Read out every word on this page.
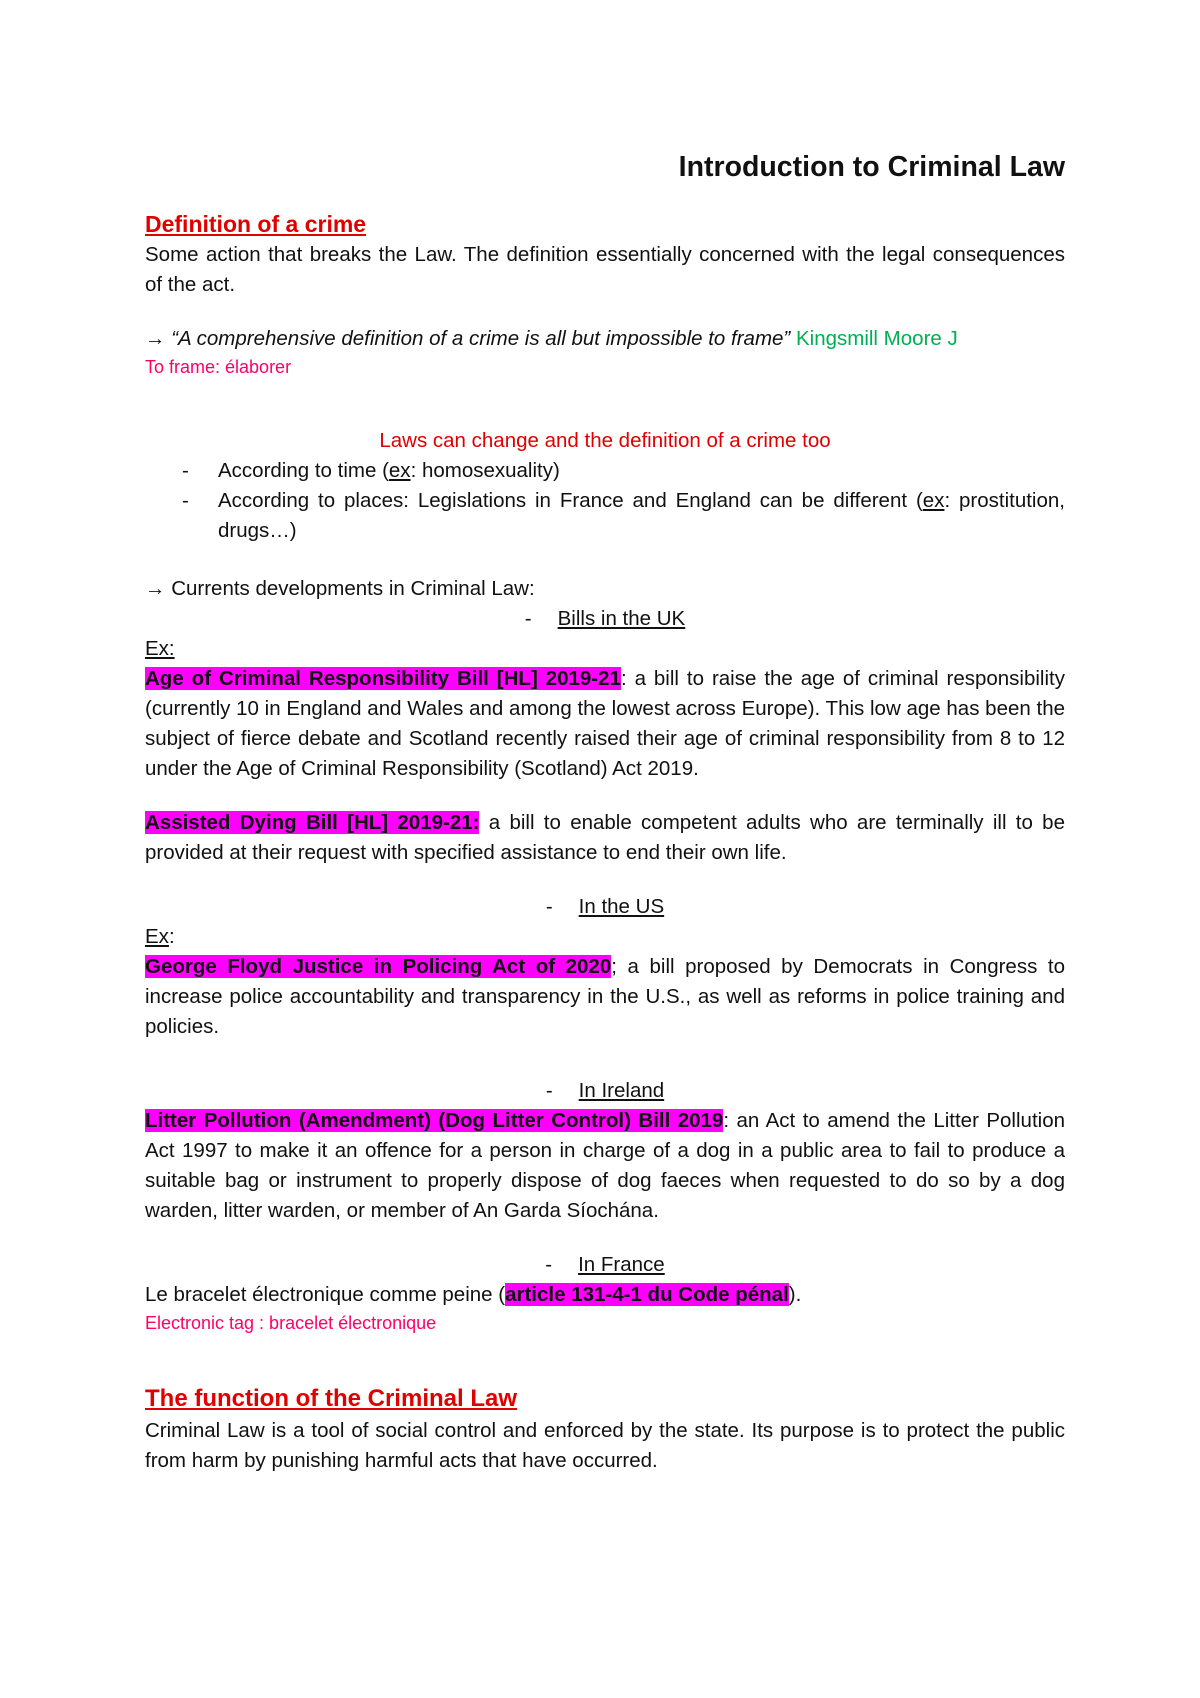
Introduction to Criminal Law
Definition of a crime

Some action that breaks the Law. The definition essentially concerned with the legal consequences of the act.

→ “A comprehensive definition of a crime is all but impossible to frame” Kingsmill Moore J

To frame: élaborer

Laws can change and the definition of a crime too

- According to time (ex: homosexuality)
- According to places: Legislations in France and England can be different (ex: prostitution, drugs…)

→ Currents developments in Criminal Law:

- Bills in the UK

Ex:

Age of Criminal Responsibility Bill [HL] 2019-21: a bill to raise the age of criminal responsibility (currently 10 in England and Wales and among the lowest across Europe). This low age has been the subject of fierce debate and Scotland recently raised their age of criminal responsibility from 8 to 12 under the Age of Criminal Responsibility (Scotland) Act 2019.

Assisted Dying Bill [HL] 2019-21: a bill to enable competent adults who are terminally ill to be provided at their request with specified assistance to end their own life.

- In the US

Ex:

George Floyd Justice in Policing Act of 2020; a bill proposed by Democrats in Congress to increase police accountability and transparency in the U.S., as well as reforms in police training and policies.

- In Ireland

Litter Pollution (Amendment) (Dog Litter Control) Bill 2019: an Act to amend the Litter Pollution Act 1997 to make it an offence for a person in charge of a dog in a public area to fail to produce a suitable bag or instrument to properly dispose of dog faeces when requested to do so by a dog warden, litter warden, or member of An Garda Síochána.

- In France

Le bracelet électronique comme peine (article 131-4-1 du Code pénal).

Electronic tag : bracelet électronique

The function of the Criminal Law

Criminal Law is a tool of social control and enforced by the state. Its purpose is to protect the public from harm by punishing harmful acts that have occurred.
